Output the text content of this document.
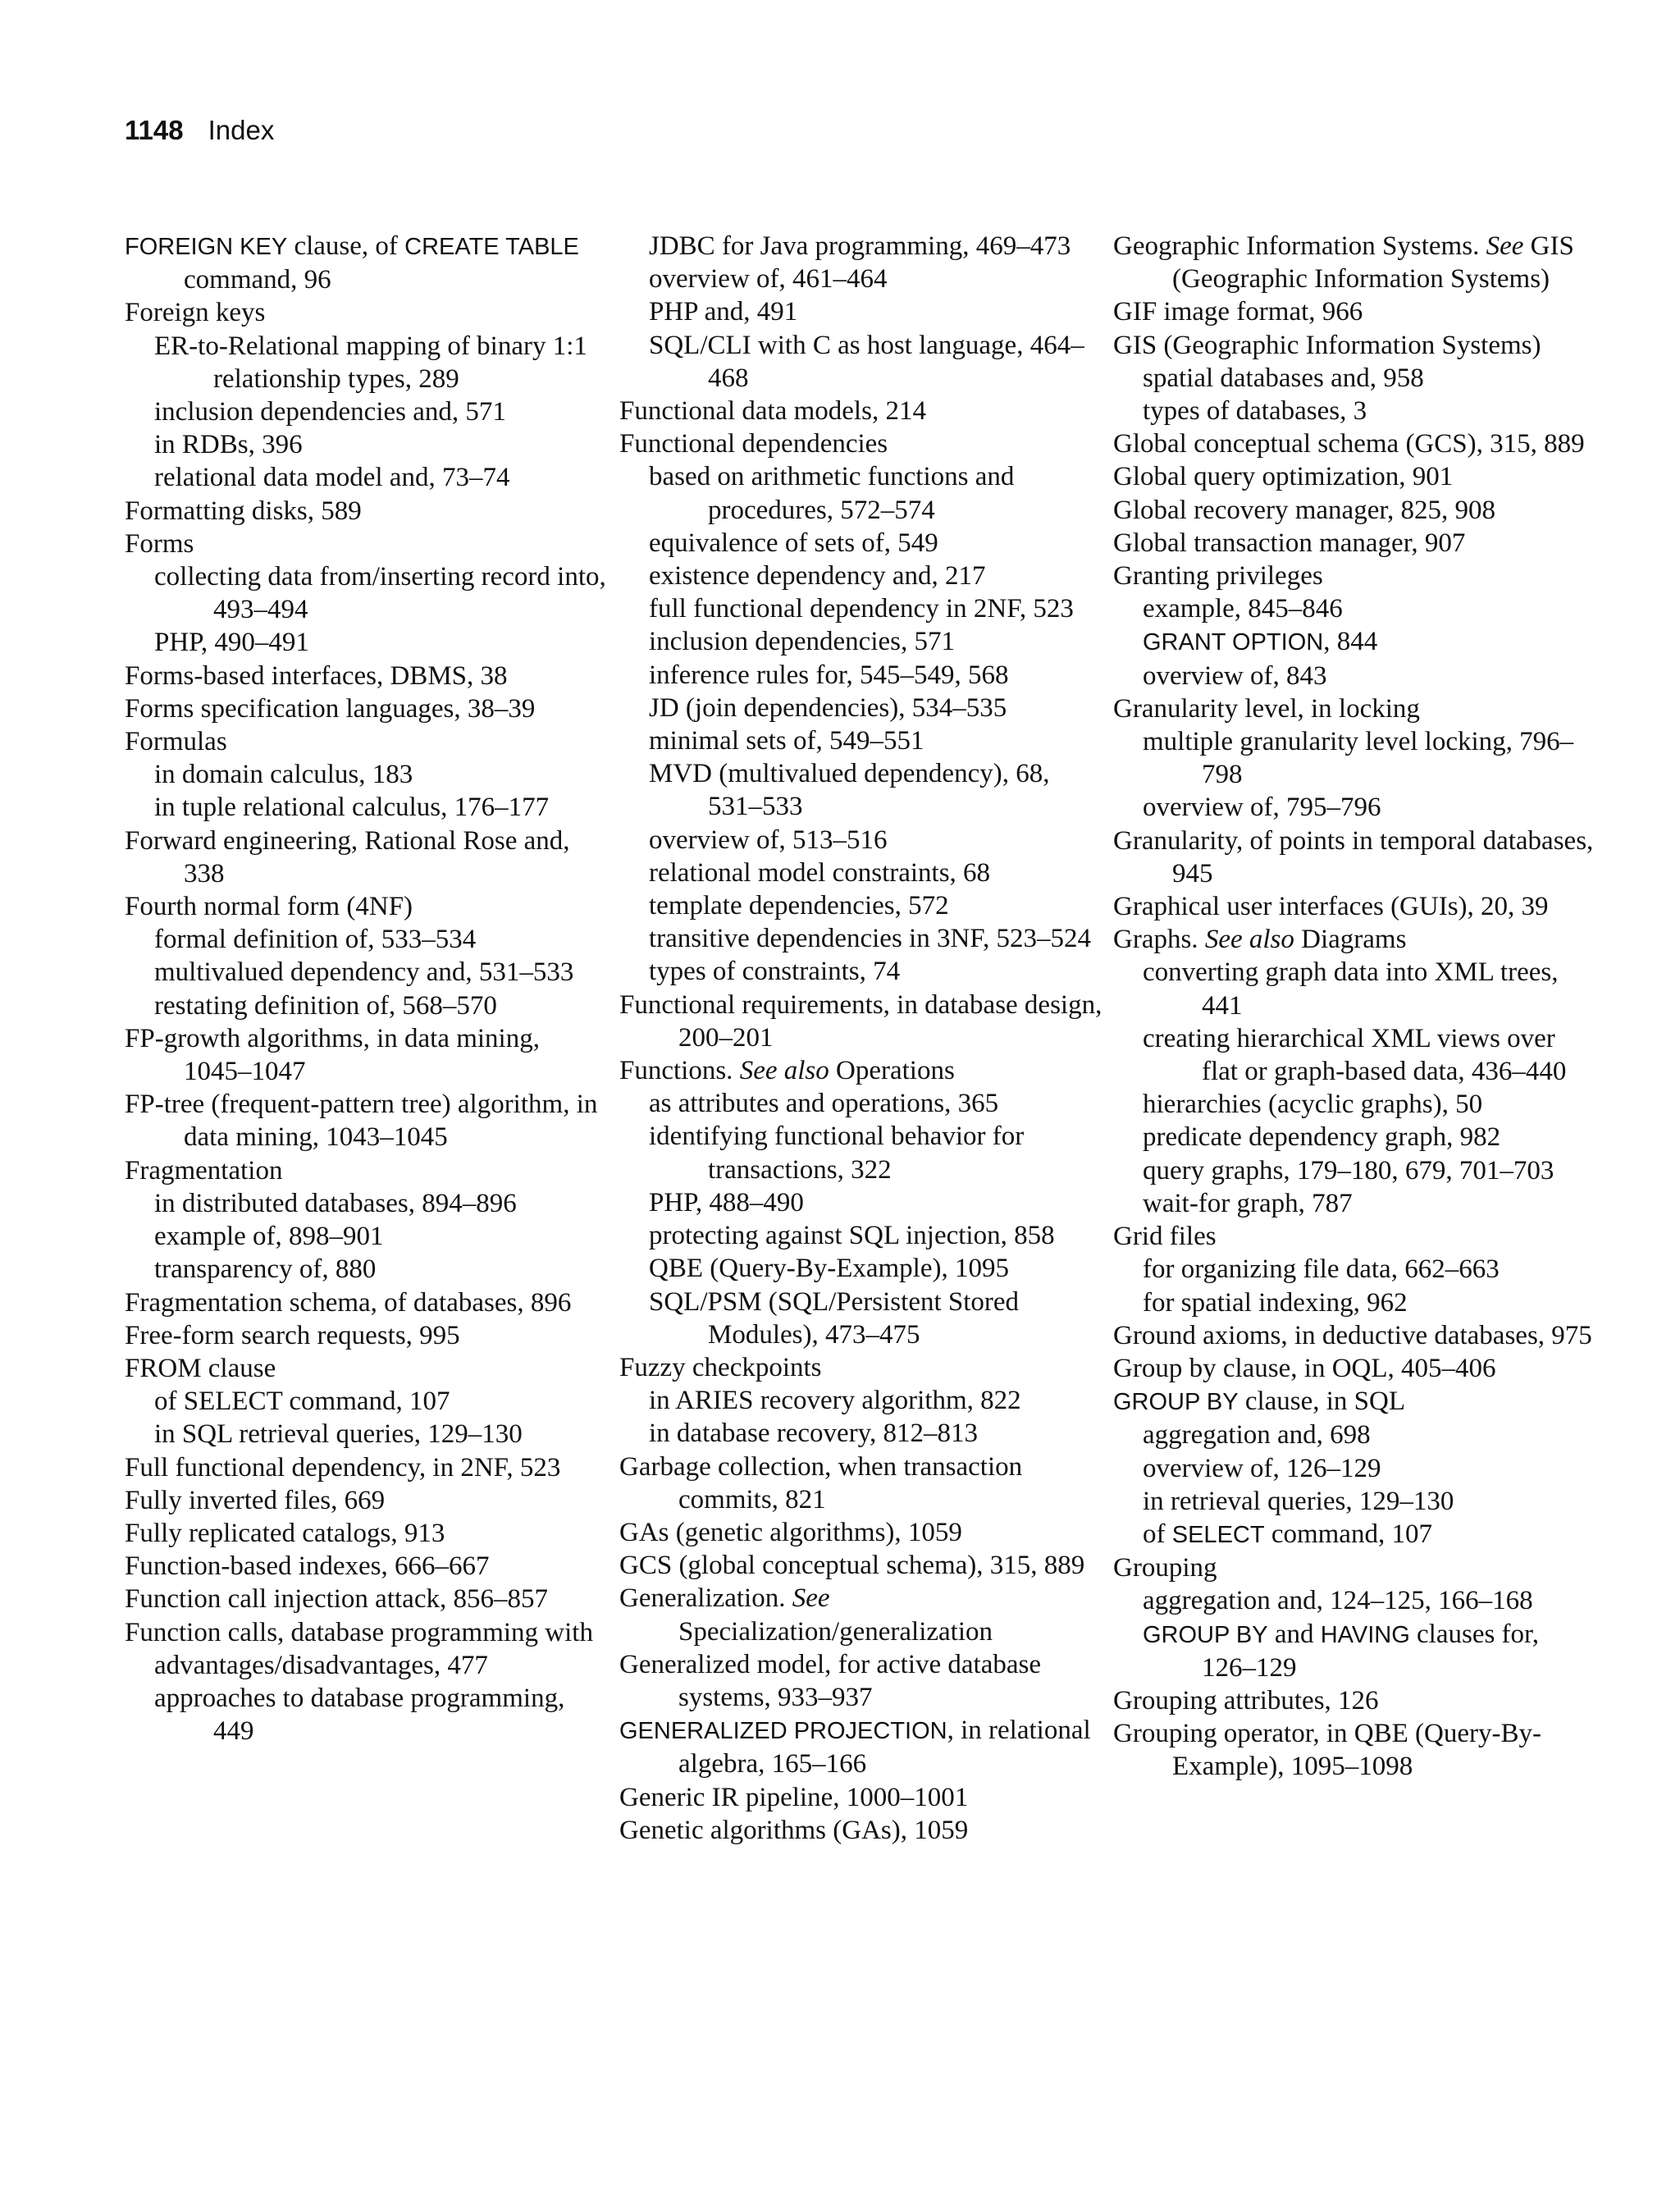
1148 Index
FOREIGN KEY clause, of CREATE TABLE command, 96
Foreign keys
ER-to-Relational mapping of binary 1:1 relationship types, 289
inclusion dependencies and, 571
in RDBs, 396
relational data model and, 73–74
Formatting disks, 589
Forms
collecting data from/inserting record into, 493–494
PHP, 490–491
Forms-based interfaces, DBMS, 38
Forms specification languages, 38–39
Formulas
in domain calculus, 183
in tuple relational calculus, 176–177
Forward engineering, Rational Rose and, 338
Fourth normal form (4NF)
formal definition of, 533–534
multivalued dependency and, 531–533
restating definition of, 568–570
FP-growth algorithms, in data mining, 1045–1047
FP-tree (frequent-pattern tree) algorithm, in data mining, 1043–1045
Fragmentation
in distributed databases, 894–896
example of, 898–901
transparency of, 880
Fragmentation schema, of databases, 896
Free-form search requests, 995
FROM clause
of SELECT command, 107
in SQL retrieval queries, 129–130
Full functional dependency, in 2NF, 523
Fully inverted files, 669
Fully replicated catalogs, 913
Function-based indexes, 666–667
Function call injection attack, 856–857
Function calls, database programming with
advantages/disadvantages, 477
approaches to database programming, 449
JDBC for Java programming, 469–473
overview of, 461–464
PHP and, 491
SQL/CLI with C as host language, 464–468
Functional data models, 214
Functional dependencies
based on arithmetic functions and procedures, 572–574
equivalence of sets of, 549
existence dependency and, 217
full functional dependency in 2NF, 523
inclusion dependencies, 571
inference rules for, 545–549, 568
JD (join dependencies), 534–535
minimal sets of, 549–551
MVD (multivalued dependency), 68, 531–533
overview of, 513–516
relational model constraints, 68
template dependencies, 572
transitive dependencies in 3NF, 523–524
types of constraints, 74
Functional requirements, in database design, 200–201
Functions. See also Operations
as attributes and operations, 365
identifying functional behavior for transactions, 322
PHP, 488–490
protecting against SQL injection, 858
QBE (Query-By-Example), 1095
SQL/PSM (SQL/Persistent Stored Modules), 473–475
Fuzzy checkpoints
in ARIES recovery algorithm, 822
in database recovery, 812–813
Garbage collection, when transaction commits, 821
GAs (genetic algorithms), 1059
GCS (global conceptual schema), 315, 889
Generalization. See Specialization/generalization
Generalized model, for active database systems, 933–937
GENERALIZED PROJECTION, in relational algebra, 165–166
Generic IR pipeline, 1000–1001
Genetic algorithms (GAs), 1059
Geographic Information Systems. See GIS (Geographic Information Systems)
GIF image format, 966
GIS (Geographic Information Systems)
spatial databases and, 958
types of databases, 3
Global conceptual schema (GCS), 315, 889
Global query optimization, 901
Global recovery manager, 825, 908
Global transaction manager, 907
Granting privileges
example, 845–846
GRANT OPTION, 844
overview of, 843
Granularity level, in locking
multiple granularity level locking, 796–798
overview of, 795–796
Granularity, of points in temporal databases, 945
Graphical user interfaces (GUIs), 20, 39
Graphs. See also Diagrams
converting graph data into XML trees, 441
creating hierarchical XML views over flat or graph-based data, 436–440
hierarchies (acyclic graphs), 50
predicate dependency graph, 982
query graphs, 179–180, 679, 701–703
wait-for graph, 787
Grid files
for organizing file data, 662–663
for spatial indexing, 962
Ground axioms, in deductive databases, 975
Group by clause, in OQL, 405–406
GROUP BY clause, in SQL
aggregation and, 698
overview of, 126–129
in retrieval queries, 129–130
of SELECT command, 107
Grouping
aggregation and, 124–125, 166–168
GROUP BY and HAVING clauses for, 126–129
Grouping attributes, 126
Grouping operator, in QBE (Query-By-Example), 1095–1098
